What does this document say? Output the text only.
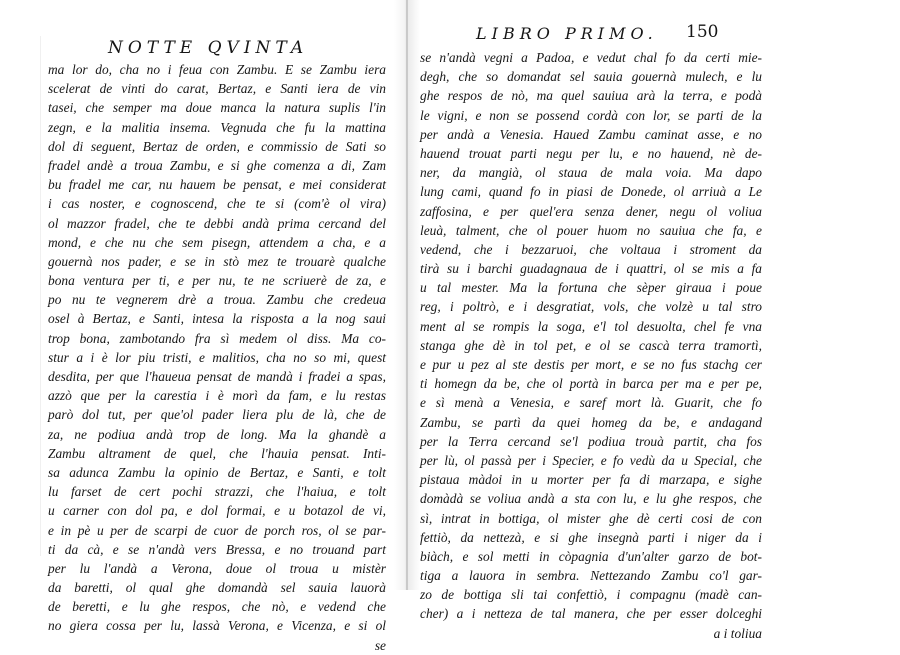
NOTTE QVINTA
ma lor do, cha no i feua con Zambu. E se Zambu iera
scelerat de vinti do carat, Bertaz, e Santi iera de vin
tasei, che semper ma doue manca la natura suplis l'in
zegn, e la malitia insema. Vegnuda che fu la mattina
dol di seguent, Bertaz de orden, e commissio de Sati so
fradel andè a troua Zambu, e si ghe comenza a di, Zam
bu fradel me car, nu hauem be pensat, e mei considerat
i cas noster, e cognoscend, che te si (com'è ol vira)
ol mazzor fradel, che te debbi andà prima cercand del
mond, e che nu che sem pisegn, attendem a cha, e a
gouernà nos pader, e se in stò mez te trouarè qualche
bona ventura per ti, e per nu, te ne scriuerè de za, e
po nu te vegnerem drè a troua. Zambu che credeua
osel à Bertaz, e Santi, intesa la risposta a la nog saui
trop bona, zambotando fra sì medem ol diss. Ma co-
stur a i è lor piu tristi, e malitios, cha no so mi, quest
desdita, per que l'haueua pensat de mandà i fradei a spas,
azzò que per la carestia i è morì da fam, e lu restas
parò dol tut, per que'ol pader liera plu de là, che de
za, ne podiua andà trop de long. Ma la ghandè a
Zambu altrament de quel, che l'hauia pensat. Inti-
sa adunca Zambu la opinio de Bertaz, e Santi, e tolt
lu farset de cert pochi strazzi, che l'haiua, e tolt
u carner con dol pa, e dol formai, e u botazol de vi,
e in pè u per de scarpi de cuor de porch ros, ol se par-
ti da cà, e se n'andà vers Bressa, e no trouand part
per lu l'andà a Verona, doue ol troua u mistèr
da baretti, ol qual ghe domandà sel sauia lauorà
de beretti, e lu ghe respos, che nò, e vedend che
no giera cossa per lu, lassà Verona, e Vicenza, e si ol
se
LIBRO PRIMO. 150
se n'andà vegni a Padoa, e vedut chal fo da certi mie-
degh, che so domandat sel sauia gouernà mulech, e lu
ghe respos de nò, ma quel sauiua arà la terra, e podà
le vigni, e non se possend cordà con lor, se parti de la
per andà a Venesia. Haued Zambu caminat asse, e no
hauend trouat parti negu per lu, e no hauend, nè de-
ner, da mangià, ol staua de mala voia. Ma dapo
lung cami, quand fo in piasi de Donede, ol arriuà a Le
zaffosina, e per quel'era senza dener, negu ol voliua
leuà, talment, che ol pouer huom no sauiua che fa, e
vedend, che i bezzaruoi, che voltaua i stroment da
tirà su i barchi guadagnaua de i quattri, ol se mis a fa
u tal mester. Ma la fortuna che sèper giraua i poue
reg, i poltrò, e i desgratiat, vols, che volzè u tal stro
ment al se rompis la soga, e'l tol desuolta, chel fe vna
stanga ghe dè in tol pet, e ol se cascà terra tramortì,
e pur u pez al ste destis per mort, e se no fus stachg cer
ti homegn da be, che ol portà in barca per ma e per pe,
e sì menà a Venesia, e saref mort là. Guarit, che fo
Zambu, se partì da quei homeg da be, e andagand
per la Terra cercand se'l podiua trouà partit, cha fos
per lù, ol passà per i Specier, e fo vedù da u Special, che
pistaua màdoi in u morter per fa di marzapa, e sighe
domàdà se voliua andà a sta con lu, e lu ghe respos, che
sì, intrat in bottiga, ol mister ghe dè certi cosi de con
fettiò, da nettezà, e si ghe insegnà parti i niger da i
biàch, e sol metti in còpagnia d'un'alter garzo de bot-
tiga a lauora in sembra. Nettezando Zambu co'l gar-
zo de bottiga sli tai confettiò, i compagnu (madè can-
cher) a i netteza de tal manera, che per esser dolceghi
a i toliua
